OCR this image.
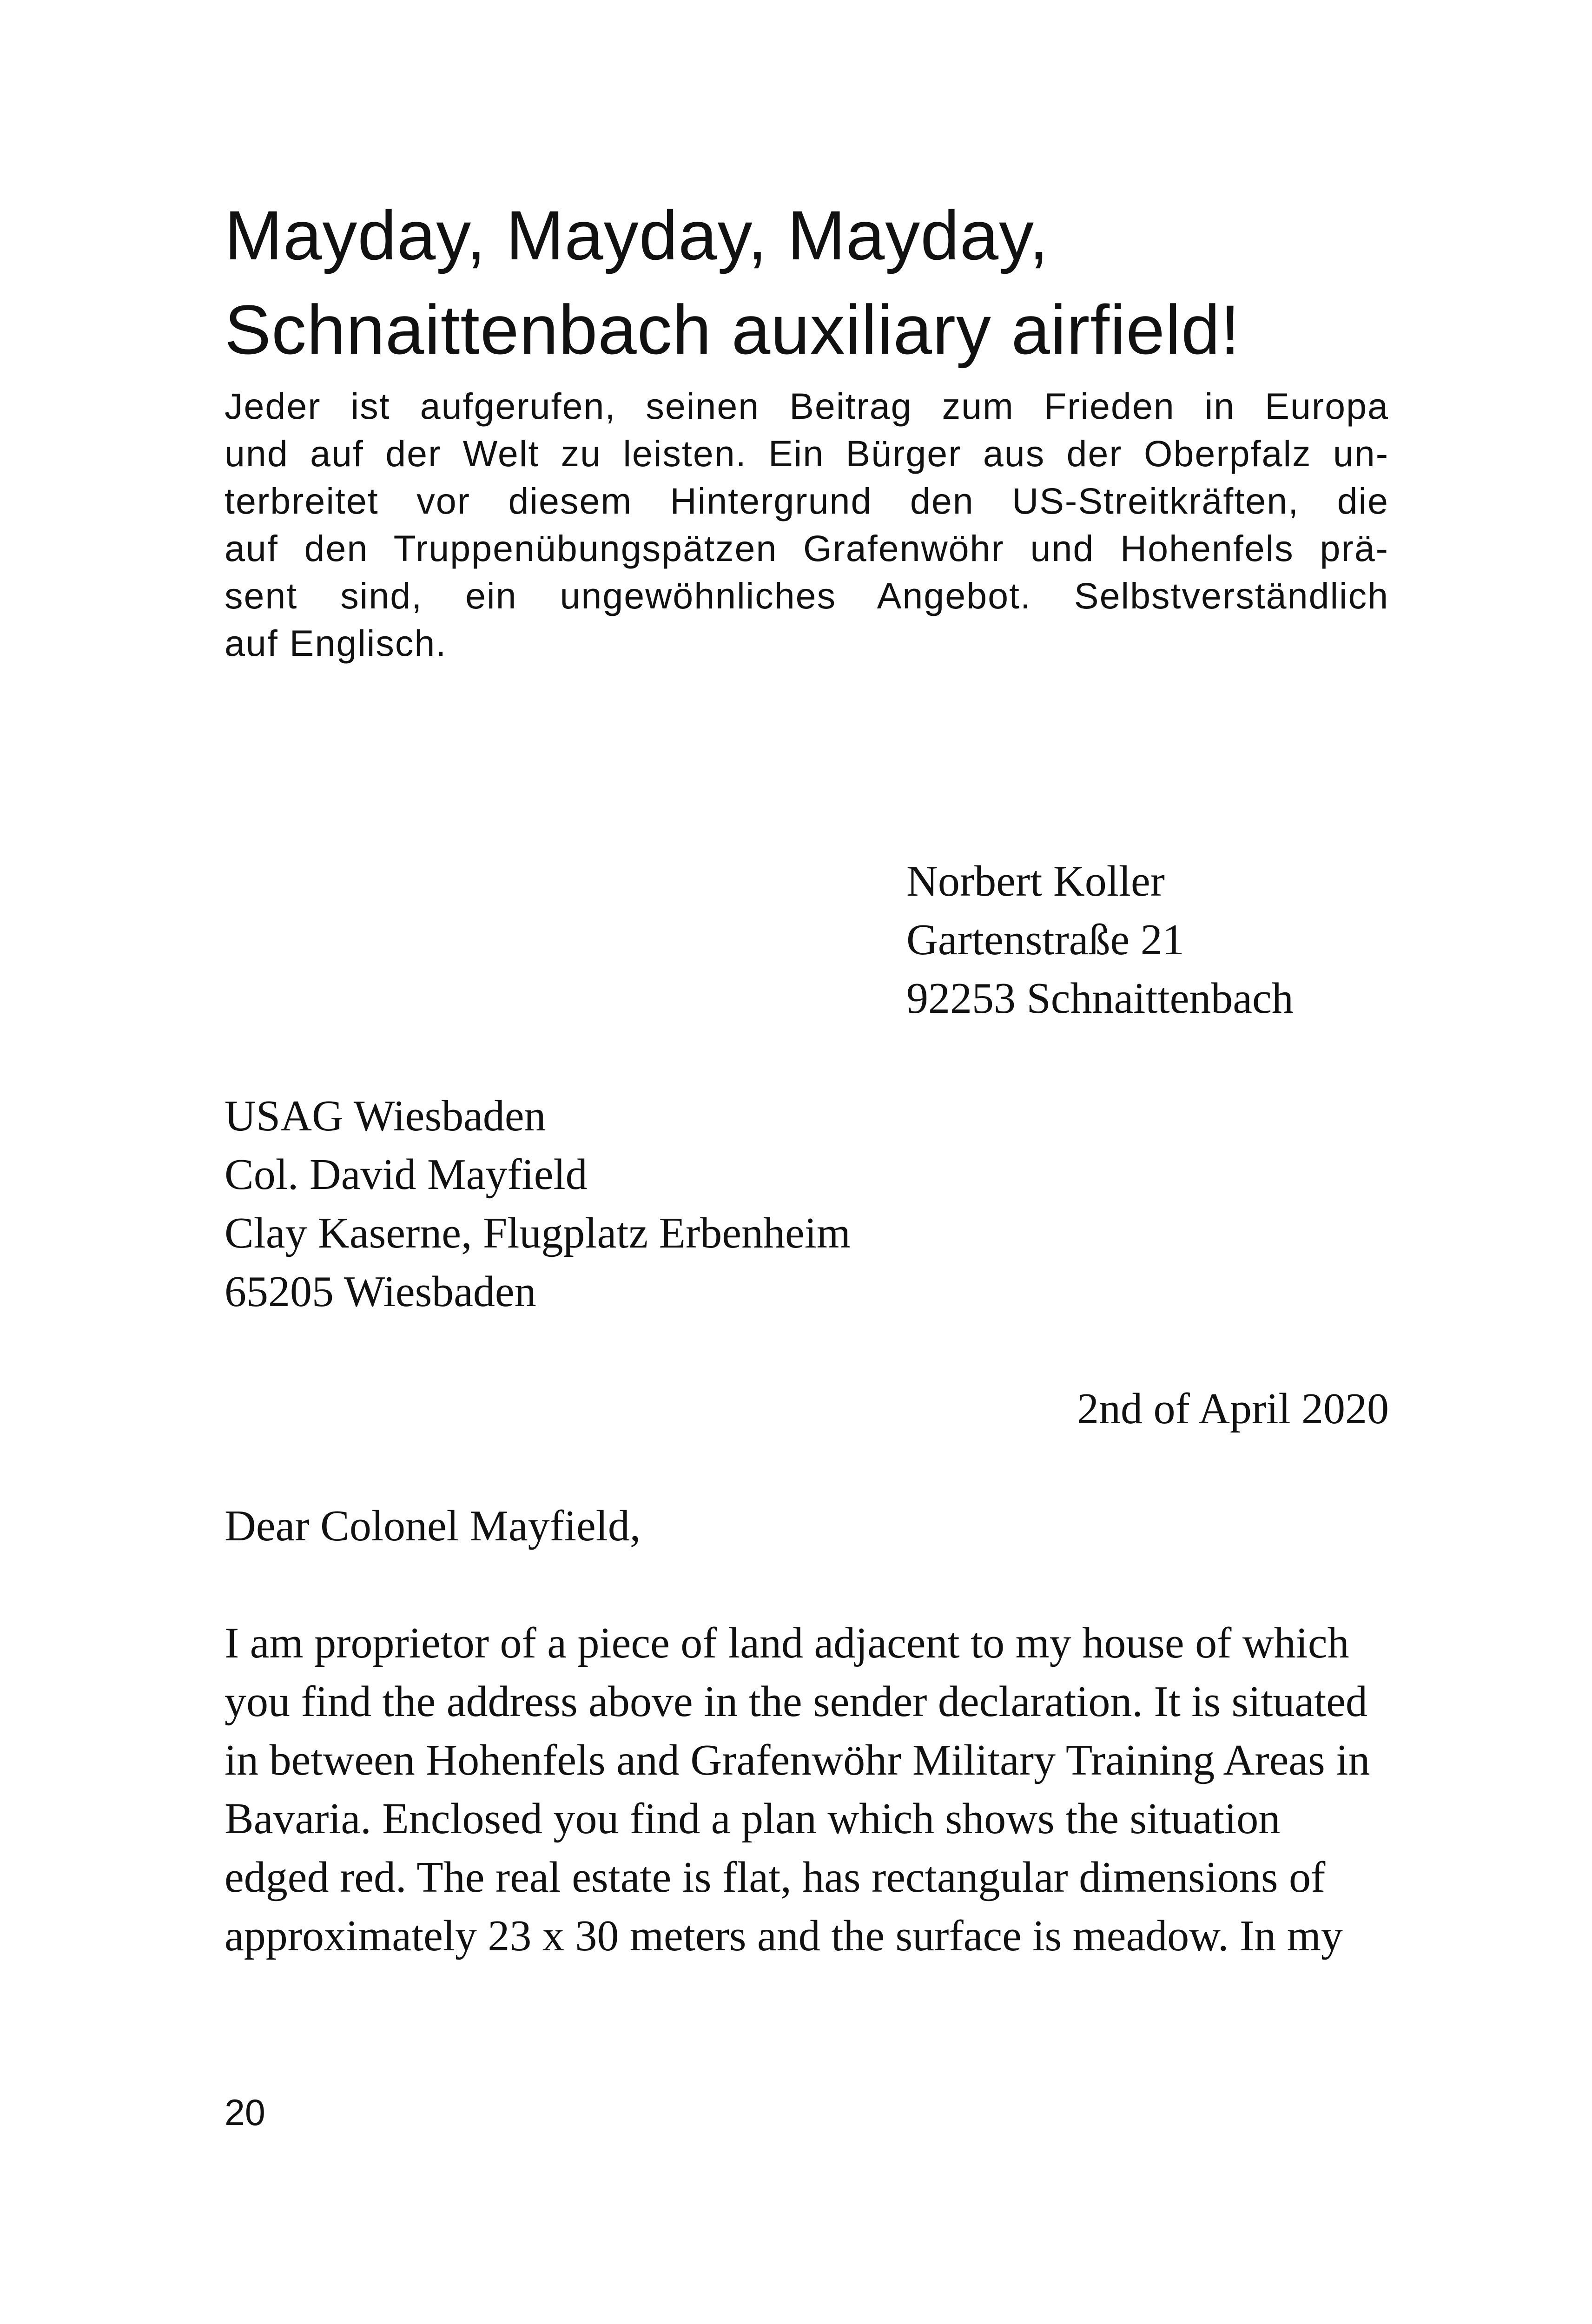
Mayday, Mayday, Mayday,
Schnaittenbach auxiliary airfield!

Jeder ist aufgerufen, seinen Beitrag zum Frieden in Europa
und auf der Welt zu leisten. Ein Bürger aus der Oberpfalz un-
terbreitet vor diesem Hintergrund den US-Streitkräften, die
auf den Truppenübungspätzen Grafenwöhr und Hohenfels prä-
sent sind, ein ungewöhnliches Angebot. Selbstverständlich
auf Englisch.

Norbert Koller
Gartenstraße 21
92253 Schnaittenbach
USAG Wiesbaden
Col. David Mayfield
Clay Kaserne, Flugplatz Erbenheim
65205 Wiesbaden

2nd of April 2020

Dear Colonel Mayfield,

I am proprietor of a piece of land adjacent to my house of which
you find the address above in the sender declaration. It is situated
in between Hohenfels and Grafenwöhr Military Training Areas in
Bavaria. Enclosed you find a plan which shows the situation
edged red. The real estate is flat, has rectangular dimensions of
approximately 23 x 30 meters and the surface is meadow. In my

20
